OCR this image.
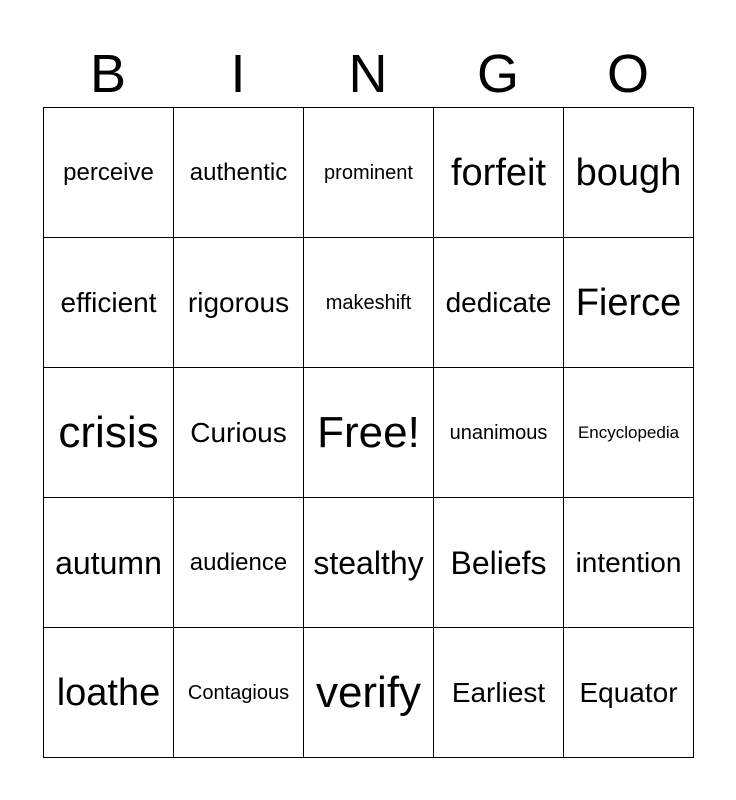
B	I	N	G	O
perceive authentic prominent forfeit bough
efficient rigorous makeshift dedicate Fierce
crisis Curious Free! unanimous Encyclopedia
autumn audience stealthy Beliefs intention
loathe Contagious verify Earliest Equator
